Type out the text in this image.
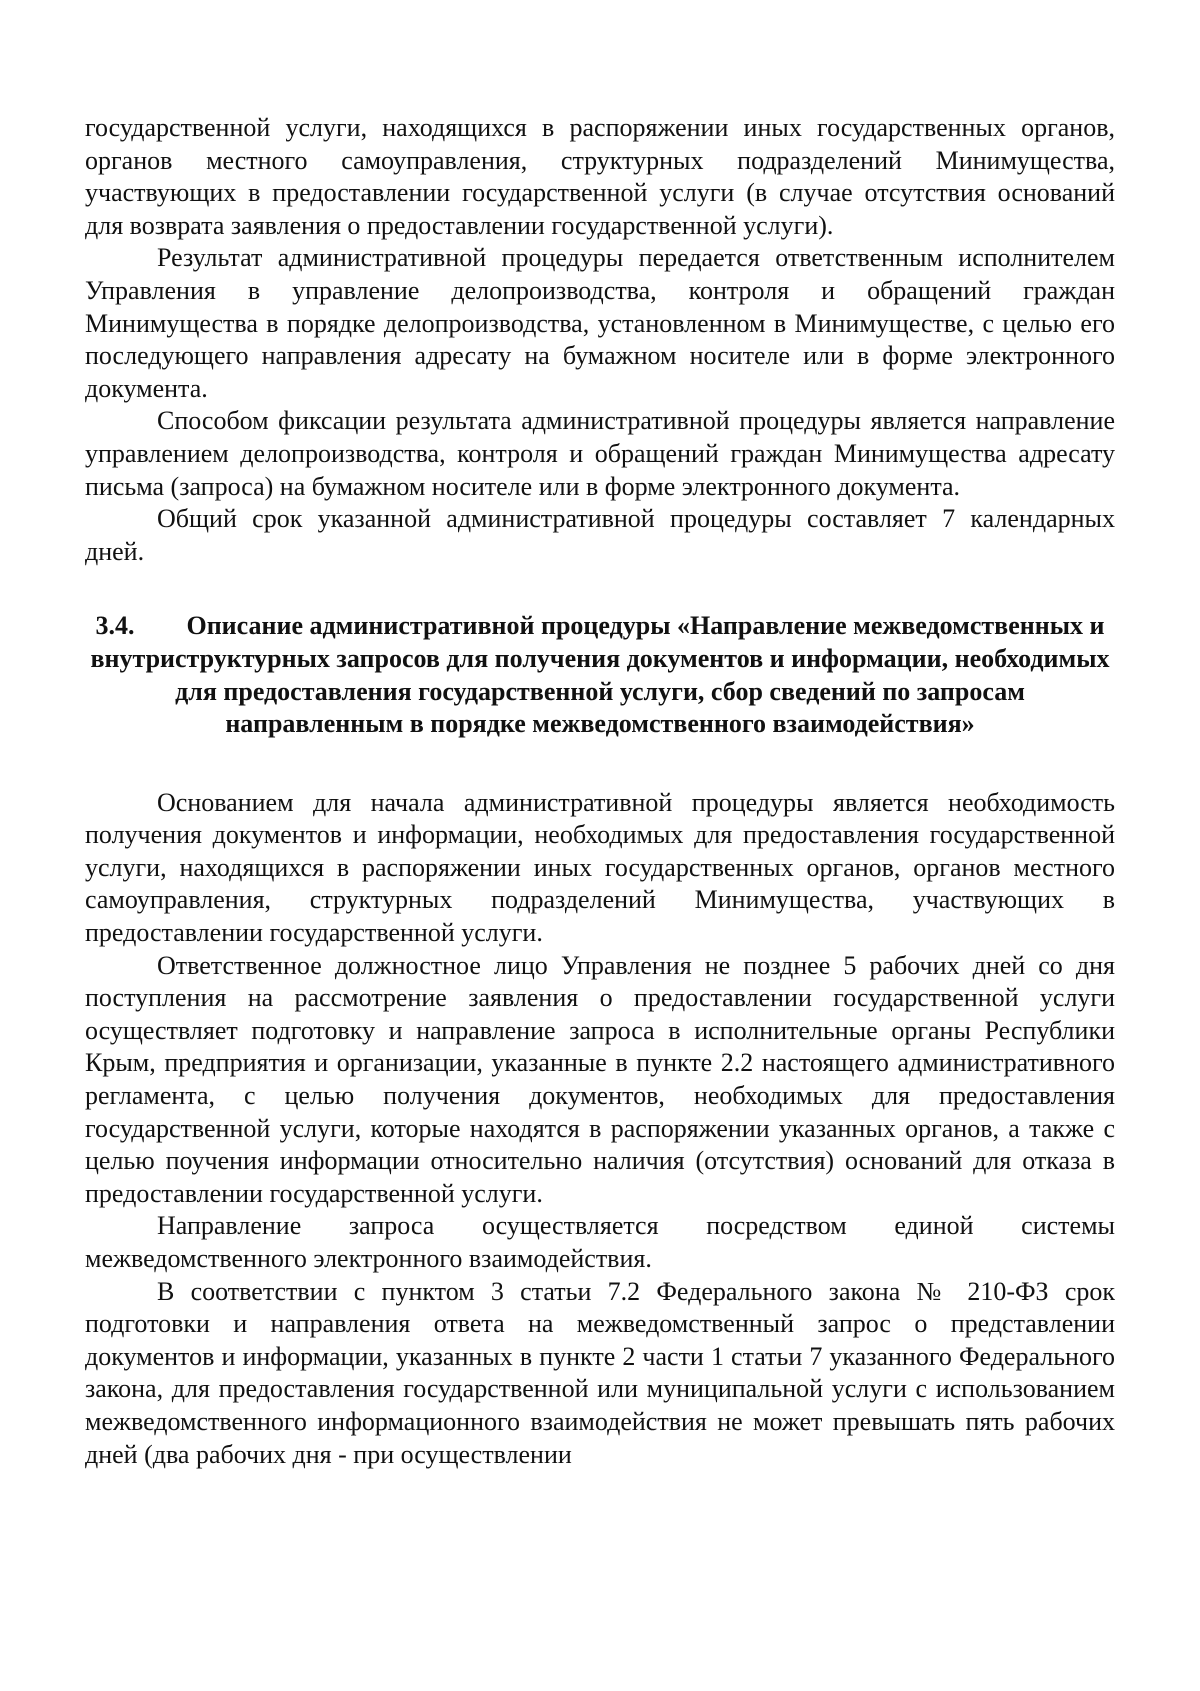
государственной услуги, находящихся в распоряжении иных государственных органов, органов местного самоуправления, структурных подразделений Минимущества, участвующих в предоставлении государственной услуги (в случае отсутствия оснований для возврата заявления о предоставлении государственной услуги).

Результат административной процедуры передается ответственным исполнителем Управления в управление делопроизводства, контроля и обращений граждан Минимущества в порядке делопроизводства, установленном в Минимуществе, с целью его последующего направления адресату на бумажном носителе или в форме электронного документа.

Способом фиксации результата административной процедуры является направление управлением делопроизводства, контроля и обращений граждан Минимущества адресату письма (запроса) на бумажном носителе или в форме электронного документа.

Общий срок указанной административной процедуры составляет 7 календарных дней.

3.4. Описание административной процедуры «Направление межведомственных и внутриструктурных запросов для получения документов и информации, необходимых для предоставления государственной услуги, сбор сведений по запросам направленным в порядке межведомственного взаимодействия»

Основанием для начала административной процедуры является необходимость получения документов и информации, необходимых для предоставления государственной услуги, находящихся в распоряжении иных государственных органов, органов местного самоуправления, структурных подразделений Минимущества, участвующих в предоставлении государственной услуги.

Ответственное должностное лицо Управления не позднее 5 рабочих дней со дня поступления на рассмотрение заявления о предоставлении государственной услуги осуществляет подготовку и направление запроса в исполнительные органы Республики Крым, предприятия и организации, указанные в пункте 2.2 настоящего административного регламента, с целью получения документов, необходимых для предоставления государственной услуги, которые находятся в распоряжении указанных органов, а также с целью поучения информации относительно наличия (отсутствия) оснований для отказа в предоставлении государственной услуги.

Направление запроса осуществляется посредством единой системы межведомственного электронного взаимодействия.

В соответствии с пунктом 3 статьи 7.2 Федерального закона № 210-ФЗ срок подготовки и направления ответа на межведомственный запрос о представлении документов и информации, указанных в пункте 2 части 1 статьи 7 указанного Федерального закона, для предоставления государственной или муниципальной услуги с использованием межведомственного информационного взаимодействия не может превышать пять рабочих дней (два рабочих дня - при осуществлении
